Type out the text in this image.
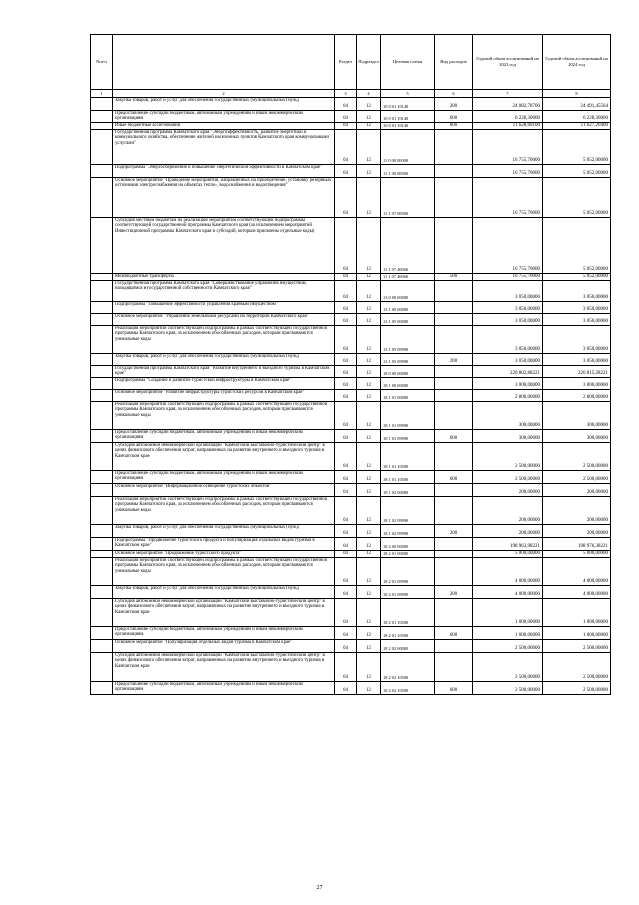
№п/п		Раздел	Подраздел	Целевая статья	Вид расходов	Годовой объем ассигнований на 2023 год	Годовой объем ассигнований на 2024 год
1	2	3	4	5	6	7	8

	Закупка товаров, работ и услуг для обеспечения государственных (муниципальных) нужд	04	12	10 0 01 10140	200	24 082,78700	24 491,45564

	Предоставление субсидий бюджетным, автономным учреждениям и иным некоммерческим организациям	04	12	10 0 01 10140	600	6 228,30000	6 228,30000

	Иные бюджетные ассигнования	04	12	10 0 01 10140	800	11 628,60100	11 627,20400

	Государственная программа Камчатского края "Энергоэффективность, развитие энергетики и коммунального хозяйства, обеспечение жителей населенных пунктов Камчатского края коммунальными услугами"	04	12	11 0 00 00000		16 755,70000	5 052,00000

	Подпрограмма "Энергосбережение и повышение энергетической эффективности в Камчатском крае"	04	12	11 1 00 00000		16 755,70000	5 052,00000

	Основное мероприятие "Проведение мероприятий, направленных на приобретение, установку резервных источников электроснабжения на объектах тепло-, водоснабжения и водоотведения"	04	12	11 1 07 00000		16 755,70000	5 052,00000

	Субсидия местным бюджетам на реализацию мероприятий соответствующей подпрограммы соответствующей государственной программы Камчатского края (за исключением мероприятий Инвестиционной программы Камчатского края и субсидий, которым присвоены отдельные коды)	04	12	11 1 07 40060		16 755,70000	5 052,00000

	Межбюджетные трансферты	04	12	11 1 07 40060	500	16 755,70000	5 052,00000

	Государственная программа Камчатского края "Совершенствование управления имуществом, находящимся в государственной собственности Камчатского края"	04	12	13 0 00 00000		3 050,00000	3 050,00000

	Подпрограмма "Повышение эффективности управления краевым имуществом"	04	12	13 1 00 00000		3 050,00000	3 050,00000

	Основное мероприятие "Управление земельными ресурсами на территории Камчатского края"	04	12	13 1 05 00000		3 050,00000	3 050,00000

	Реализация мероприятий соответствующей подпрограммы в рамках соответствующей государственной программы Камчатского края, за исключением обособленных расходов, которым присваиваются уникальные коды	04	12	13 1 05 09990		3 050,00000	3 050,00000

	Закупка товаров, работ и услуг для обеспечения государственных (муниципальных) нужд	04	12	13 1 05 09990	200	3 050,00000	3 050,00000

	Государственная программа Камчатского края "Развитие внутреннего и въездного туризма в Камчатском крае"	04	12	18 0 00 00000		220 802,88221	220 815,28221

	Подпрограмма "Создание и развитие туристской инфраструктуры в Камчатском крае"	04	12	18 1 00 00000		3 000,00000	3 000,00000

	Основное мероприятие "Развитие инфраструктуры туристских ресурсов в Камчатском крае"	04	12	18 1 01 00000		2 800,00000	2 800,00000

	Реализация мероприятий соответствующей подпрограммы в рамках соответствующей государственной программы Камчатского края, за исключением обособленных расходов, которым присваиваются уникальные коды	04	12	18 1 01 09990		300,00000	300,00000

	Предоставление субсидий бюджетным, автономным учреждениям и иным некоммерческим организациям	04	12	18 1 01 09990	600	300,00000	300,00000

	Субсидия автономной некоммерческой организации "Камчатский выставочно-туристический центр" в целях финансового обеспечения затрат, направленных на развитие внутреннего и въездного туризма в Камчатском крае	04	12	18 1 01 10500		2 500,00000	2 500,00000

	Предоставление субсидий бюджетным, автономным учреждениям и иным некоммерческим организациям	04	12	18 1 01 10500	600	2 500,00000	2 500,00000

	Основное мероприятие "Информационное освещение туристских объектов"	04	12	18 1 02 00000		200,00000	200,00000

	Реализация мероприятий соответствующей подпрограммы в рамках соответствующей государственной программы Камчатского края, за исключением обособленных расходов, которым присваиваются уникальные коды	04	12	18 1 02 09990		200,00000	200,00000

	Закупка товаров, работ и услуг для обеспечения государственных (муниципальных) нужд	04	12	18 1 02 09990	200	200,00000	200,00000

	Подпрограмма "Продвижение туристского продукта и популяризация отдельных видов туризма в Камчатском крае"	04	12	18 2 00 00000		198 963,98221	198 976,38221

	Основное мероприятие "Продвижение туристского продукта"	04	12	18 2 01 00000		5 000,00000	5 000,00000

	Реализация мероприятий соответствующей подпрограммы в рамках соответствующей государственной программы Камчатского края, за исключением обособленных расходов, которым присваиваются уникальные коды	04	12	18 2 01 09990		4 000,00000	4 000,00000

	Закупка товаров, работ и услуг для обеспечения государственных (муниципальных) нужд	04	12	18 2 01 09990	200	4 000,00000	4 000,00000

	Субсидия автономной некоммерческой организации "Камчатский выставочно-туристический центр" в целях финансового обеспечения затрат, направленных на развитие внутреннего и въездного туризма в Камчатском крае	04	12	18 2 01 10500		1 000,00000	1 000,00000

	Предоставление субсидий бюджетным, автономным учреждениям и иным некоммерческим организациям	04	12	18 2 01 10500	600	1 000,00000	1 000,00000

	Основное мероприятие "Популяризация отдельных видов туризма в Камчатском крае"	04	12	18 2 02 00000		2 500,00000	2 500,00000

	Субсидия автономной некоммерческой организации "Камчатский выставочно-туристический центр" в целях финансового обеспечения затрат, направленных на развитие внутреннего и въездного туризма в Камчатском крае	04	12	18 2 02 10500		2 500,00000	2 500,00000

	Предоставление субсидий бюджетным, автономным учреждениям и иным некоммерческим организациям	04	12	18 2 02 10500	600	2 500,00000	2 500,00000
27
